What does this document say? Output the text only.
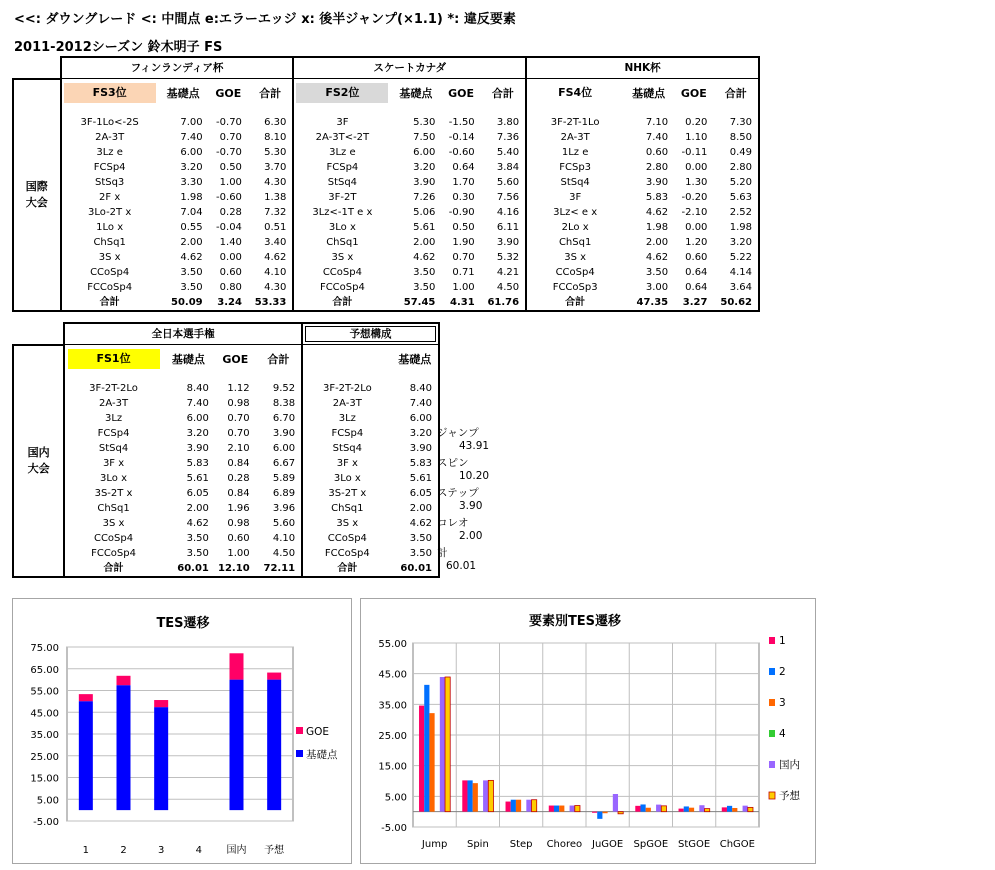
<<: ダウングレード <: 中間点 e:エラーエッジ x: 後半ジャンプ(×1.1) *: 違反要素
2011-2012シーズン 鈴木明子 FS
	フィンランディア杯				スケートカナダ				NHK杯			
国際
大会	FS3位	基礎点	GOE	合計	FS2位	基礎点	GOE	合計	FS4位	基礎点	GOE	合計

	3F-1Lo<-2S	7.00	-0.70	6.30	3F	5.30	-1.50	3.80	3F-2T-1Lo	7.10	0.20	7.30
	2A-3T	7.40	0.70	8.10	2A-3T<-2T	7.50	-0.14	7.36	2A-3T	7.40	1.10	8.50
	3Lz e	6.00	-0.70	5.30	3Lz e	6.00	-0.60	5.40	1Lz e	0.60	-0.11	0.49
	FCSp4	3.20	0.50	3.70	FCSp4	3.20	0.64	3.84	FCSp3	2.80	0.00	2.80
	StSq3	3.30	1.00	4.30	StSq4	3.90	1.70	5.60	StSq4	3.90	1.30	5.20
	2F x	1.98	-0.60	1.38	3F-2T	7.26	0.30	7.56	3F	5.83	-0.20	5.63
	3Lo-2T x	7.04	0.28	7.32	3Lz<-1T e x	5.06	-0.90	4.16	3Lz< e x	4.62	-2.10	2.52
	1Lo x	0.55	-0.04	0.51	3Lo x	5.61	0.50	6.11	2Lo x	1.98	0.00	1.98
	ChSq1	2.00	1.40	3.40	ChSq1	2.00	1.90	3.90	ChSq1	2.00	1.20	3.20
	3S x	4.62	0.00	4.62	3S x	4.62	0.70	5.32	3S x	4.62	0.60	5.22
	CCoSp4	3.50	0.60	4.10	CCoSp4	3.50	0.71	4.21	CCoSp4	3.50	0.64	4.14
	FCCoSp4	3.50	0.80	4.30	FCCoSp4	3.50	1.00	4.50	FCCoSp3	3.00	0.64	3.64
	合計	50.09	3.24	53.33	合計	57.45	4.31	61.76	合計	47.35	3.27	50.62
	全日本選手権				予想構成	
国内
大会	FS1位	基礎点	GOE	合計		基礎点

	3F-2T-2Lo	8.40	1.12	9.52	3F-2T-2Lo	8.40
	2A-3T	7.40	0.98	8.38	2A-3T	7.40
	3Lz	6.00	0.70	6.70	3Lz	6.00
	FCSp4	3.20	0.70	3.90	FCSp4	3.20
	StSq4	3.90	2.10	6.00	StSq4	3.90
	3F x	5.83	0.84	6.67	3F x	5.83
	3Lo x	5.61	0.28	5.89	3Lo x	5.61
	3S-2T x	6.05	0.84	6.89	3S-2T x	6.05
	ChSq1	2.00	1.96	3.96	ChSq1	2.00
	3S x	4.62	0.98	5.60	3S x	4.62
	CCoSp4	3.50	0.60	4.10	CCoSp4	3.50
	FCCoSp4	3.50	1.00	4.50	FCCoSp4	3.50
	合計	60.01	12.10	72.11	合計	60.01
ジャンプ
43.91
スピン
10.20
ステップ
3.90
コレオ
2.00
計
60.01
TES遷移
75.00
65.00
55.00
45.00
35.00
25.00
15.00
5.00
-5.00
1	2	3	4 国内 予想
GOE
基礎点
要素別TES遷移
55.00
45.00
35.00
25.00
15.00
5.00
-5.00
Jump Spin Step Choreo JuGOE SpGOE StGOE ChGOE
1
2
3
4
国内
予想
